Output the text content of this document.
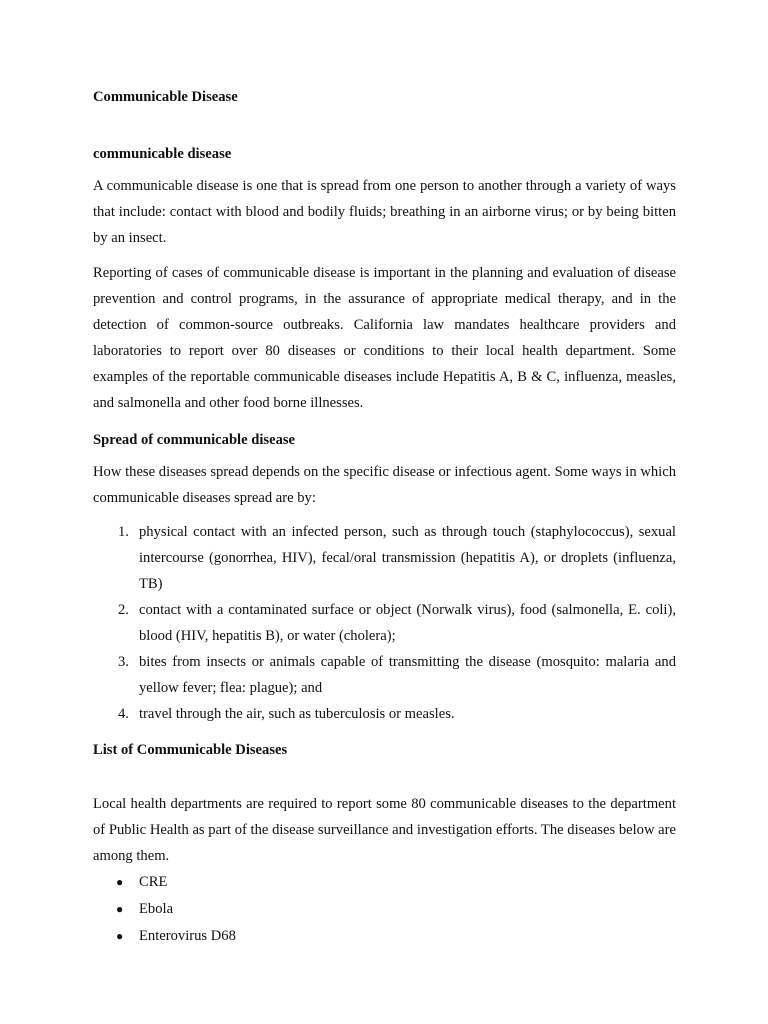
Communicable Disease
communicable disease

A communicable disease is one that is spread from one person to another through a variety of ways that include: contact with blood and bodily fluids; breathing in an airborne virus; or by being bitten by an insect.

Reporting of cases of communicable disease is important in the planning and evaluation of disease prevention and control programs, in the assurance of appropriate medical therapy, and in the detection of common-source outbreaks. California law mandates healthcare providers and laboratories to report over 80 diseases or conditions to their local health department. Some examples of the reportable communicable diseases include Hepatitis A, B & C, influenza, measles, and salmonella and other food borne illnesses.

Spread of communicable disease

How these diseases spread depends on the specific disease or infectious agent. Some ways in which communicable diseases spread are by:

1. physical contact with an infected person, such as through touch (staphylococcus), sexual intercourse (gonorrhea, HIV), fecal/oral transmission (hepatitis A), or droplets (influenza, TB)
2. contact with a contaminated surface or object (Norwalk virus), food (salmonella, E. coli), blood (HIV, hepatitis B), or water (cholera);
3. bites from insects or animals capable of transmitting the disease (mosquito: malaria and yellow fever; flea: plague); and
4. travel through the air, such as tuberculosis or measles.
List of Communicable Diseases

Local health departments are required to report some 80 communicable diseases to the department of Public Health as part of the disease surveillance and investigation efforts. The diseases below are among them.

● CRE
● Ebola
● Enterovirus D68
